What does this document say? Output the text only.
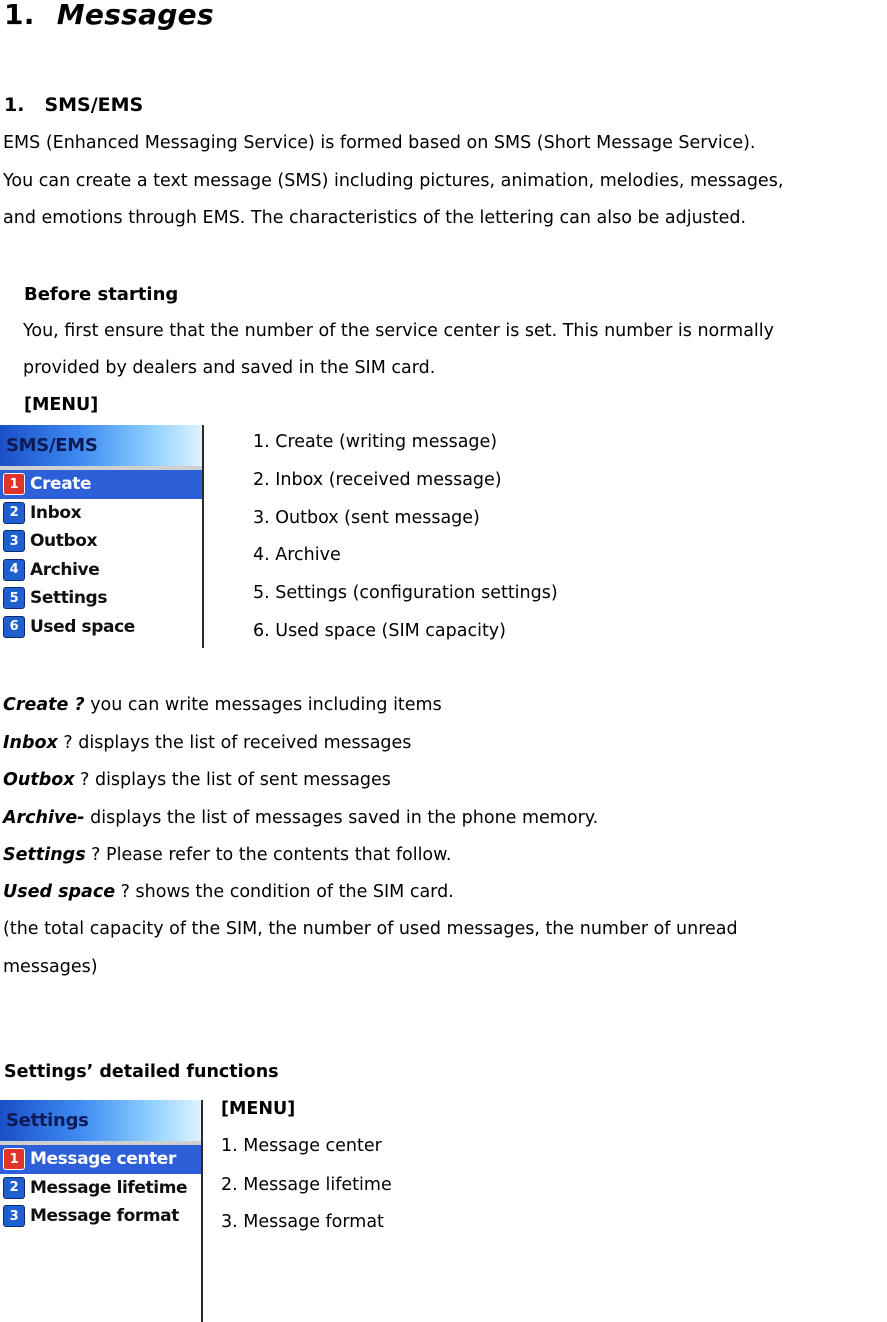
1. Messages
1. SMS/EMS
EMS (Enhanced Messaging Service) is formed based on SMS (Short Message Service).
You can create a text message (SMS) including pictures, animation, melodies, messages,
and emotions through EMS. The characteristics of the lettering can also be adjusted.
Before starting
You, first ensure that the number of the service center is set. This number is normally
provided by dealers and saved in the SIM card.
[MENU]
SMS/EMS
1 Create
2 Inbox
3 Outbox
4 Archive
5 Settings
6 Used space
1. Create (writing message)
2. Inbox (received message)
3. Outbox (sent message)
4. Archive
5. Settings (configuration settings)
6. Used space (SIM capacity)
Create ? you can write messages including items
Inbox ? displays the list of received messages
Outbox ? displays the list of sent messages
Archive- displays the list of messages saved in the phone memory.
Settings ? Please refer to the contents that follow.
Used space ? shows the condition of the SIM card.
(the total capacity of the SIM, the number of used messages, the number of unread
messages)
Settings’ detailed functions
Settings
1 Message center
2 Message lifetime
3 Message format
[MENU]
1. Message center
2. Message lifetime
3. Message format
